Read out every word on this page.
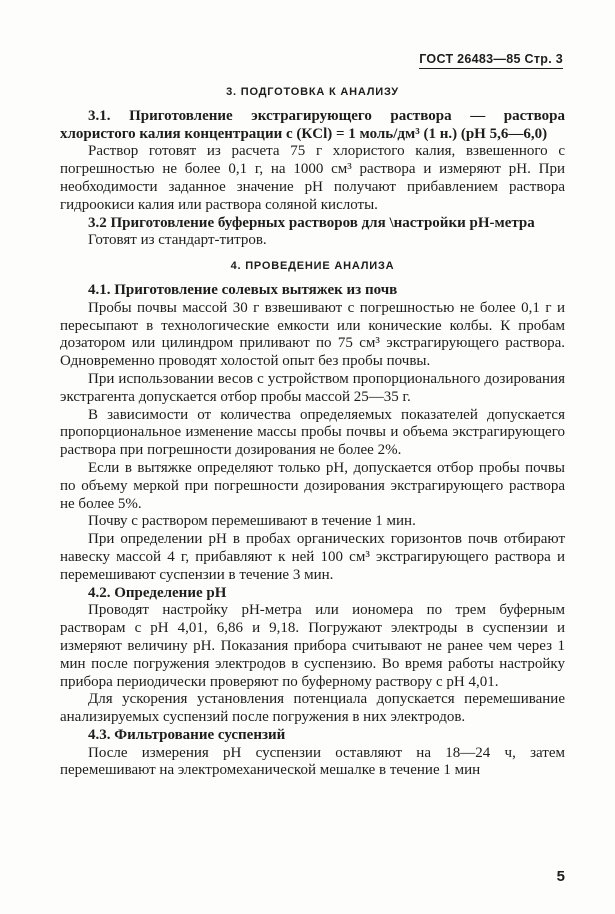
ГОСТ 26483—85 Стр. 3
3. ПОДГОТОВКА К АНАЛИЗУ

3.1. Приготовление экстрагирующего раствора — раствора хлористого калия концентрации с (КCl) = 1 моль/дм³ (1 н.) (рН 5,6—6,0)

Раствор готовят из расчета 75 г хлористого калия, взвешенного с погрешностью не более 0,1 г, на 1000 см³ раствора и измеряют рН. При необходимости заданное значение рН получают прибавлением раствора гидроокиси калия или раствора соляной кислоты.

3.2 Приготовление буферных растворов для \настройки рН-метра

Готовят из стандарт-титров.

4. ПРОВЕДЕНИЕ АНАЛИЗА

4.1. Приготовление солевых вытяжек из почв

Пробы почвы массой 30 г взвешивают с погрешностью не более 0,1 г и пересыпают в технологические емкости или конические колбы. К пробам дозатором или цилиндром приливают по 75 см³ экстрагирующего раствора. Одновременно проводят холостой опыт без пробы почвы.

При использовании весов с устройством пропорционального дозирования экстрагента допускается отбор пробы массой 25—35 г.

В зависимости от количества определяемых показателей допускается пропорциональное изменение массы пробы почвы и объема экстрагирующего раствора при погрешности дозирования не более 2%.

Если в вытяжке определяют только рН, допускается отбор пробы почвы по объему меркой при погрешности дозирования экстрагирующего раствора не более 5%.

Почву с раствором перемешивают в течение 1 мин.

При определении рН в пробах органических горизонтов почв отбирают навеску массой 4 г, прибавляют к ней 100 см³ экстрагирующего раствора и перемешивают суспензии в течение 3 мин.

4.2. Определение рН

Проводят настройку рН-метра или иономера по трем буферным растворам с рН 4,01, 6,86 и 9,18. Погружают электроды в суспензии и измеряют величину рН. Показания прибора считывают не ранее чем через 1 мин после погружения электродов в суспензию. Во время работы настройку прибора периодически проверяют по буферному раствору с рН 4,01.

Для ускорения установления потенциала допускается перемешивание анализируемых суспензий после погружения в них электродов.

4.3. Фильтрование суспензий

После измерения рН суспензии оставляют на 18—24 ч, затем перемешивают на электромеханической мешалке в течение 1 мин

5
